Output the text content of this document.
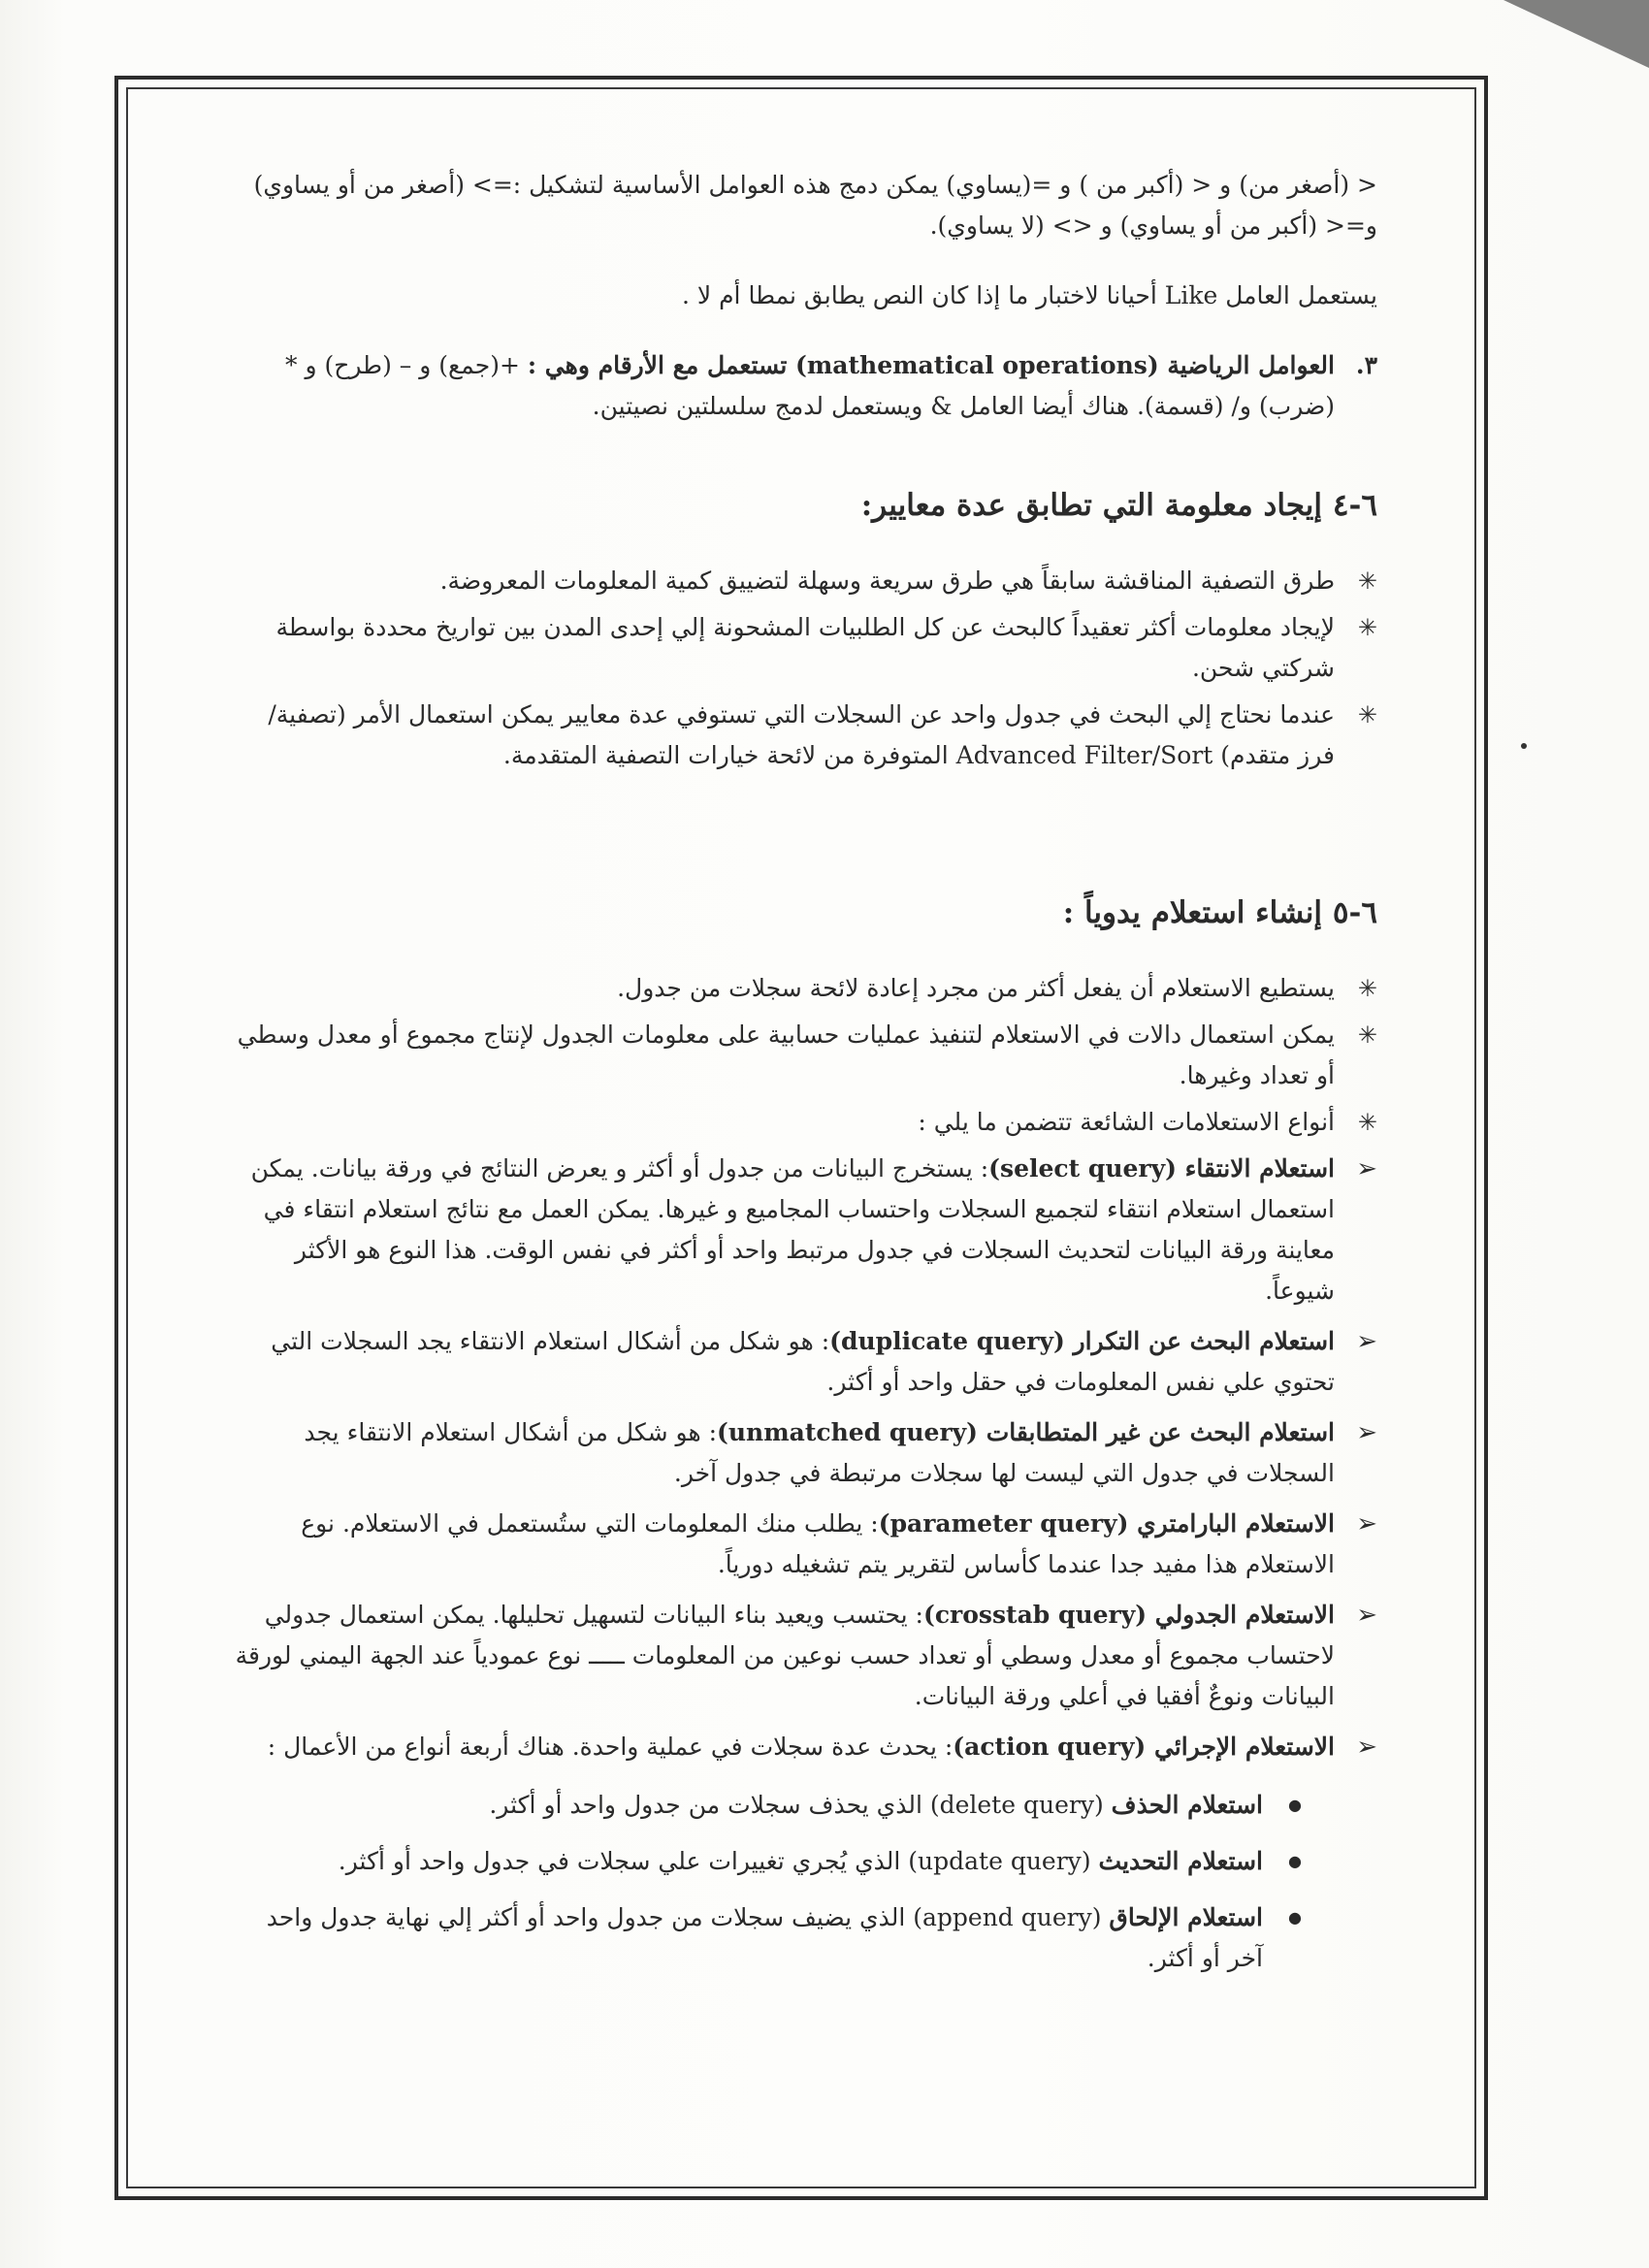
< (أصغر من) و < (أكبر من ) و =(يساوي) يمكن دمج هذه العوامل الأساسية لتشكيل :=> (أصغر من أو يساوي) و=< (أكبر من أو يساوي) و <> (لا يساوي).

يستعمل العامل Like أحيانا لاختبار ما إذا كان النص يطابق نمطا أم لا .

٣.

العوامل الرياضية (mathematical operations) تستعمل مع الأرقام وهي : +(جمع) و – (طرح) و * (ضرب) و/ (قسمة). هناك أيضا العامل & ويستعمل لدمج سلسلتين نصيتين.

٦-٤ إيجاد معلومة التي تطابق عدة معايير:
✳
طرق التصفية المناقشة سابقاً هي طرق سريعة وسهلة لتضييق كمية المعلومات المعروضة.
✳
لإيجاد معلومات أكثر تعقيداً كالبحث عن كل الطلبيات المشحونة إلي إحدى المدن بين تواريخ محددة بواسطة شركتي شحن.
✳
عندما نحتاج إلي البحث في جدول واحد عن السجلات التي تستوفي عدة معايير يمكن استعمال الأمر (تصفية/فرز متقدم) Advanced Filter/Sort المتوفرة من لائحة خيارات التصفية المتقدمة.
٦-٥ إنشاء استعلام يدوياً :
✳
يستطيع الاستعلام أن يفعل أكثر من مجرد إعادة لائحة سجلات من جدول.
✳
يمكن استعمال دالات في الاستعلام لتنفيذ عمليات حسابية على معلومات الجدول لإنتاج مجموع أو معدل وسطي أو تعداد وغيرها.
✳
أنواع الاستعلامات الشائعة تتضمن ما يلي :
➢

استعلام الانتقاء (select query): يستخرج البيانات من جدول أو أكثر و يعرض النتائج في ورقة بيانات. يمكن استعمال استعلام انتقاء لتجميع السجلات واحتساب المجاميع و غيرها. يمكن العمل مع نتائج استعلام انتقاء في معاينة ورقة البيانات لتحديث السجلات في جدول مرتبط واحد أو أكثر في نفس الوقت. هذا النوع هو الأكثر شيوعاً.

➢

استعلام البحث عن التكرار (duplicate query): هو شكل من أشكال استعلام الانتقاء يجد السجلات التي تحتوي علي نفس المعلومات في حقل واحد أو أكثر.

➢

استعلام البحث عن غير المتطابقات (unmatched query): هو شكل من أشكال استعلام الانتقاء يجد السجلات في جدول التي ليست لها سجلات مرتبطة في جدول آخر.

➢

الاستعلام البارامتري (parameter query): يطلب منك المعلومات التي ستُستعمل في الاستعلام. نوع الاستعلام هذا مفيد جدا عندما كأساس لتقرير يتم تشغيله دورياً.

➢

الاستعلام الجدولي (crosstab query): يحتسب ويعيد بناء البيانات لتسهيل تحليلها. يمكن استعمال جدولي لاحتساب مجموع أو معدل وسطي أو تعداد حسب نوعين من المعلومات ـــــ نوع عمودياً عند الجهة اليمني لورقة البيانات ونوعٌ أفقيا في أعلي ورقة البيانات.

➢

الاستعلام الإجرائي (action query): يحدث عدة سجلات في عملية واحدة. هناك أربعة أنواع من الأعمال :

●

استعلام الحذف (delete query) الذي يحذف سجلات من جدول واحد أو أكثر.

●

استعلام التحديث (update query) الذي يُجري تغييرات علي سجلات في جدول واحد أو أكثر.

●

استعلام الإلحاق (append query) الذي يضيف سجلات من جدول واحد أو أكثر إلي نهاية جدول واحد آخر أو أكثر.
